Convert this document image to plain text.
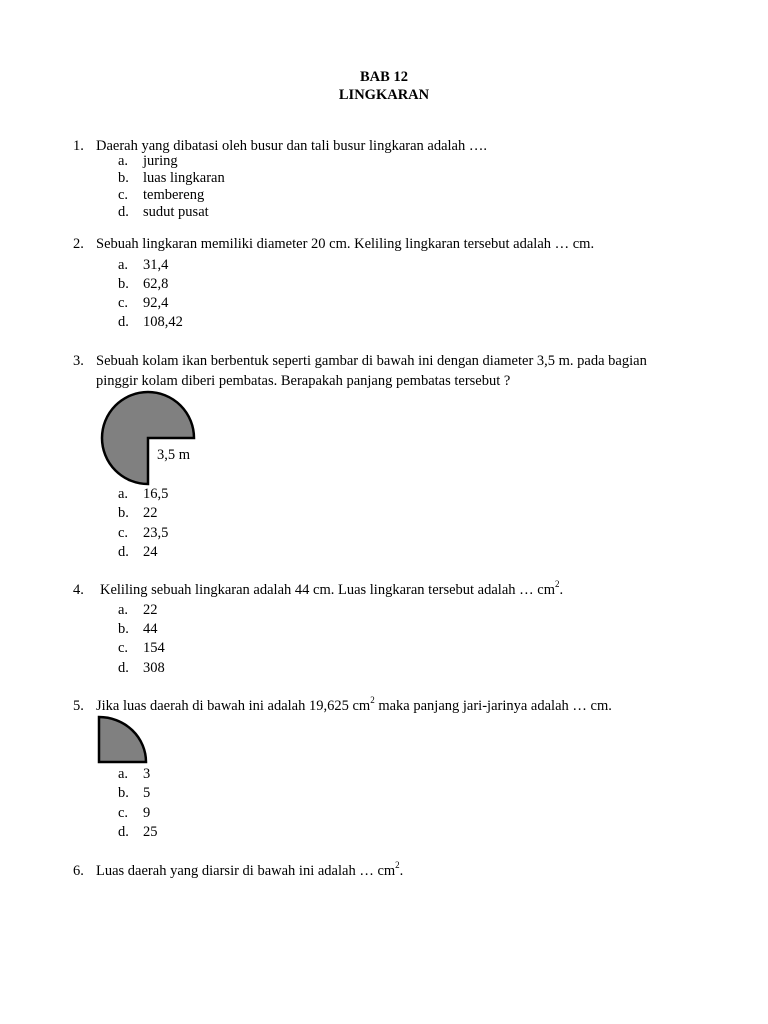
BAB 12
LINGKARAN
1. Daerah yang dibatasi oleh busur dan tali busur lingkaran adalah ….
a. juring
b. luas lingkaran
c. tembereng
d. sudut pusat
2. Sebuah lingkaran memiliki diameter 20 cm. Keliling lingkaran tersebut adalah … cm.
a. 31,4
b. 62,8
c. 92,4
d. 108,42
3. Sebuah kolam ikan berbentuk seperti gambar di bawah ini dengan diameter 3,5 m. pada bagian
pinggir kolam diberi pembatas. Berapakah panjang pembatas tersebut ?
3,5 m
a. 16,5
b. 22
c. 23,5
d. 24
4. Keliling sebuah lingkaran adalah 44 cm. Luas lingkaran tersebut adalah … $cm^2$.
a. 22
b. 44
c. 154
d. 308
5. Jika luas daerah di bawah ini adalah 19,625 $cm^2$ maka panjang jari-jarinya adalah … cm.
a. 3
b. 5
c. 9
d. 25
6. Luas daerah yang diarsir di bawah ini adalah … $cm^2$.
